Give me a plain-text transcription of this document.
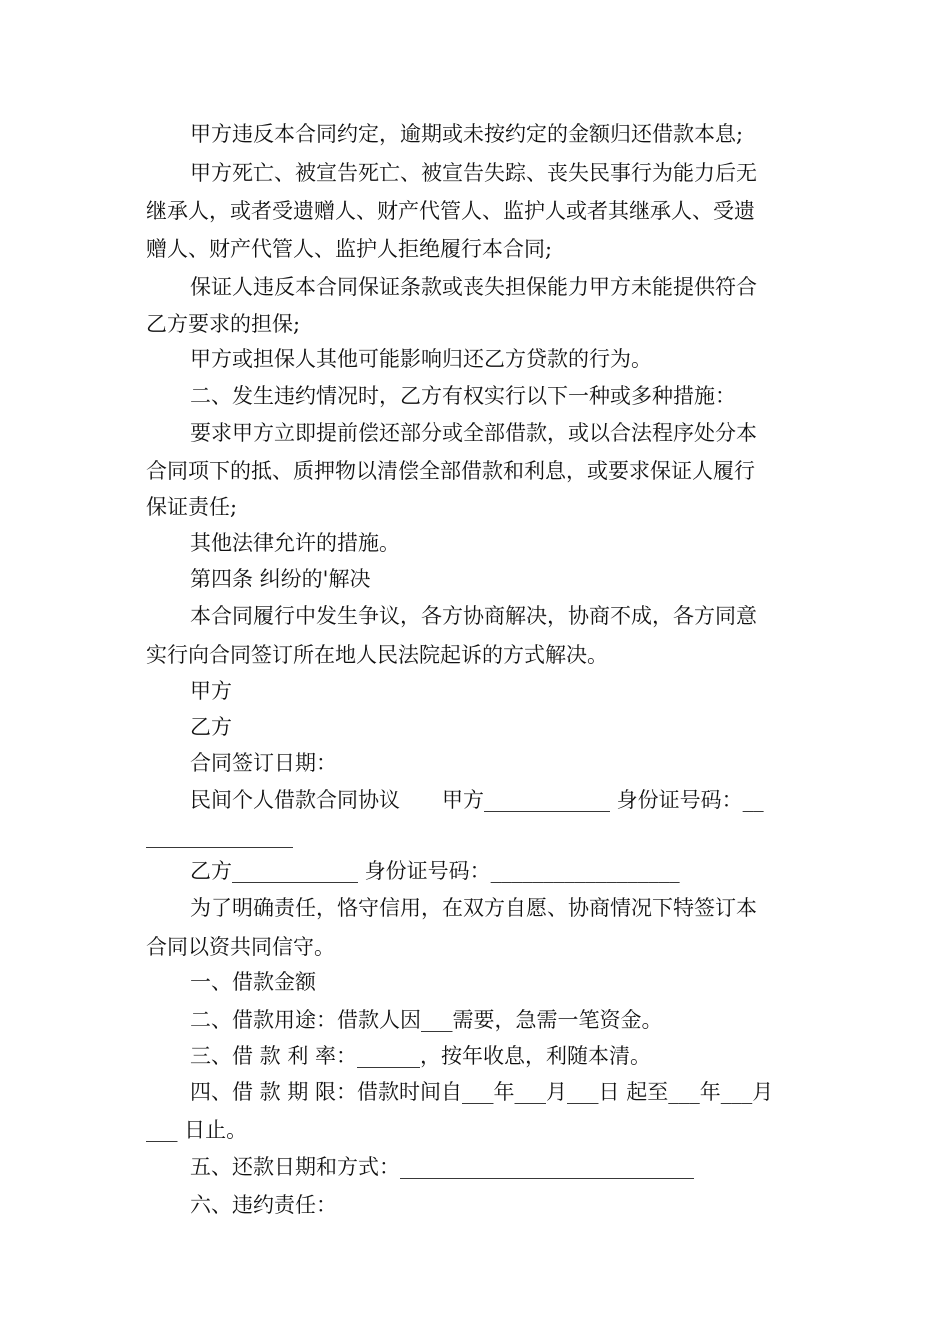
甲方违反本合同约定，逾期或未按约定的金额归还借款本息;
甲方死亡、被宣告死亡、被宣告失踪、丧失民事行为能力后无
继承人，或者受遗赠人、财产代管人、监护人或者其继承人、受遗
赠人、财产代管人、监护人拒绝履行本合同;
保证人违反本合同保证条款或丧失担保能力甲方未能提供符合
乙方要求的担保;
甲方或担保人其他可能影响归还乙方贷款的行为。
二、发生违约情况时，乙方有权实行以下一种或多种措施：
要求甲方立即提前偿还部分或全部借款，或以合法程序处分本
合同项下的抵、质押物以清偿全部借款和利息，或要求保证人履行
保证责任;
其他法律允许的措施。
第四条 纠纷的'解决
本合同履行中发生争议，各方协商解决，协商不成，各方同意
实行向合同签订所在地人民法院起诉的方式解决。
甲方
乙方
合同签订日期：
民间个人借款合同协议　　甲方____________ 身份证号码：__
______________
乙方____________ 身份证号码：__________________
为了明确责任，恪守信用，在双方自愿、协商情况下特签订本
合同以资共同信守。
一、借款金额
二、借款用途：借款人因___需要，急需一笔资金。
三、借 款 利 率：______，按年收息，利随本清。
四、借 款 期 限：借款时间自___年___月___日 起至___年___月
___ 日止。
五、还款日期和方式：____________________________
六、违约责任：
